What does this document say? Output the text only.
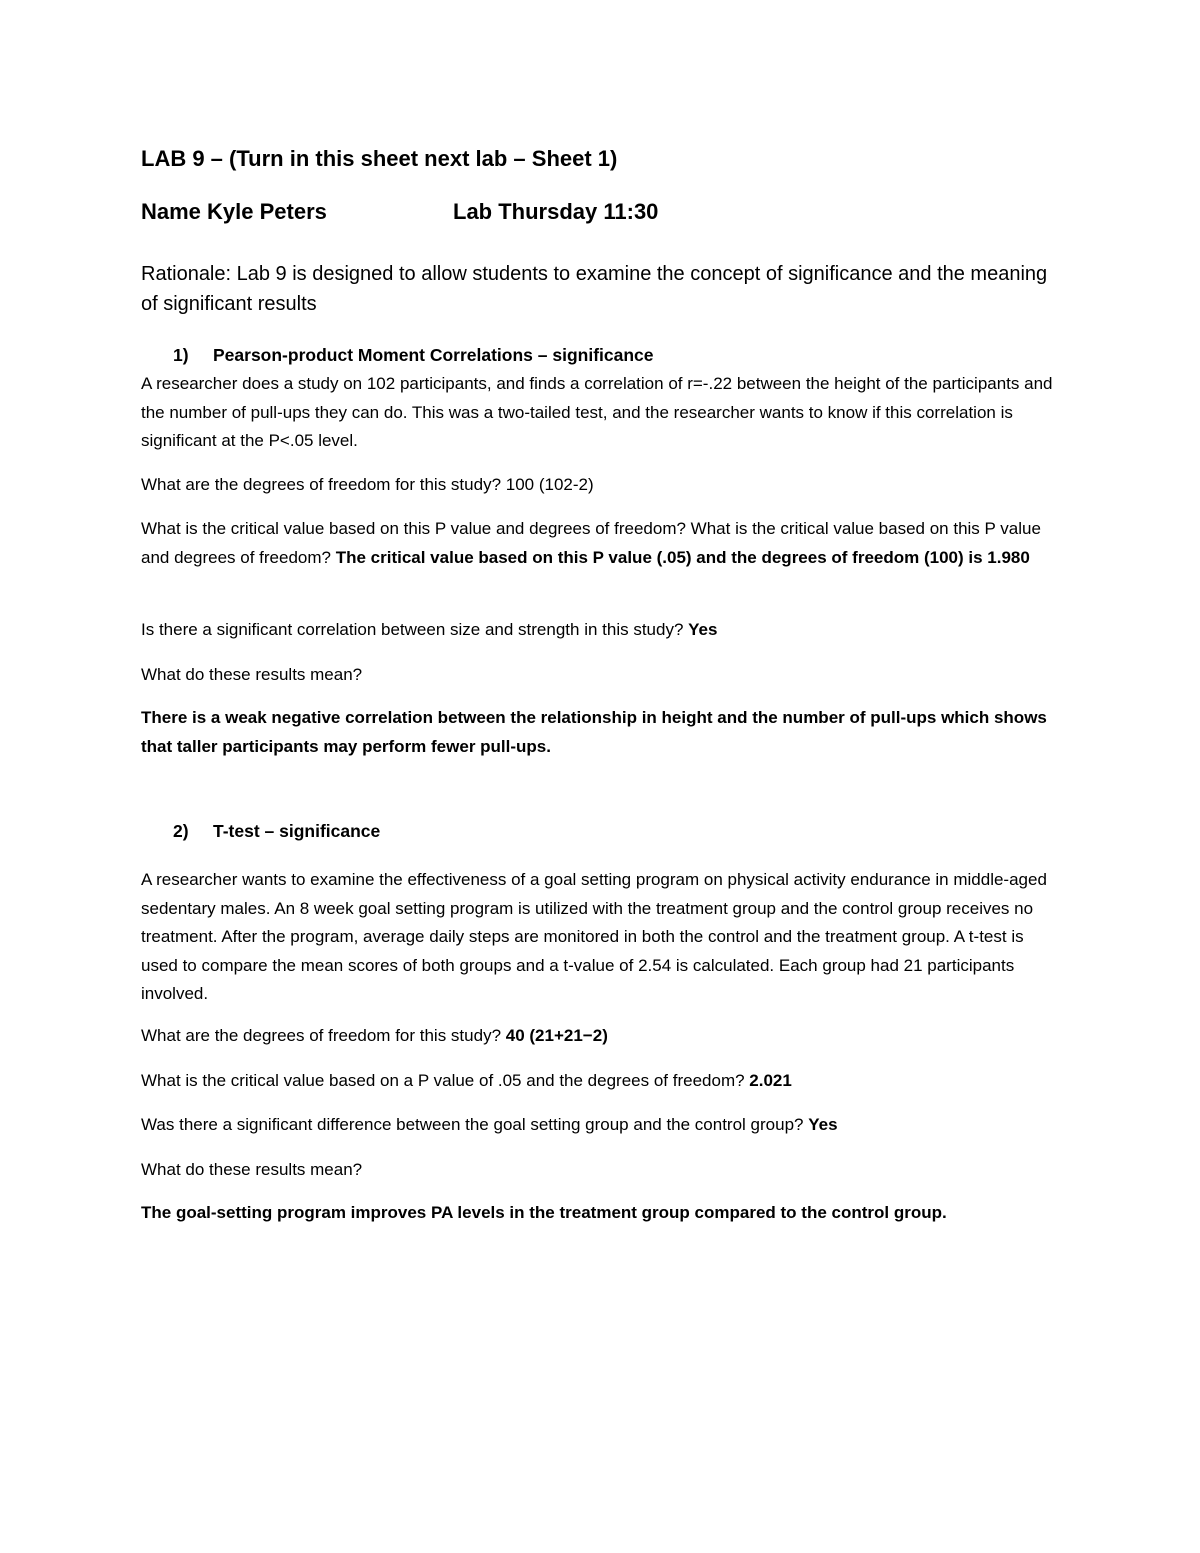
LAB 9 – (Turn in this sheet next lab – Sheet 1)
Name Kyle Peters	Lab Thursday 11:30
Rationale: Lab 9 is designed to allow students to examine the concept of significance and the meaning of significant results
1) Pearson-product Moment Correlations – significance
A researcher does a study on 102 participants, and finds a correlation of r=-.22 between the height of the participants and the number of pull-ups they can do. This was a two-tailed test, and the researcher wants to know if this correlation is significant at the P<.05 level.
What are the degrees of freedom for this study? 100 (102-2)
What is the critical value based on this P value and degrees of freedom? What is the critical value based on this P value and degrees of freedom? The critical value based on this P value (.05) and the degrees of freedom (100) is 1.980
Is there a significant correlation between size and strength in this study? Yes
What do these results mean?
There is a weak negative correlation between the relationship in height and the number of pull-ups which shows that taller participants may perform fewer pull-ups.
2) T-test – significance
A researcher wants to examine the effectiveness of a goal setting program on physical activity endurance in middle-aged sedentary males. An 8 week goal setting program is utilized with the treatment group and the control group receives no treatment. After the program, average daily steps are monitored in both the control and the treatment group. A t-test is used to compare the mean scores of both groups and a t-value of 2.54 is calculated. Each group had 21 participants involved.
What are the degrees of freedom for this study? 40 (21+21−2)
What is the critical value based on a P value of .05 and the degrees of freedom? 2.021
Was there a significant difference between the goal setting group and the control group? Yes
What do these results mean?
The goal-setting program improves PA levels in the treatment group compared to the control group.
